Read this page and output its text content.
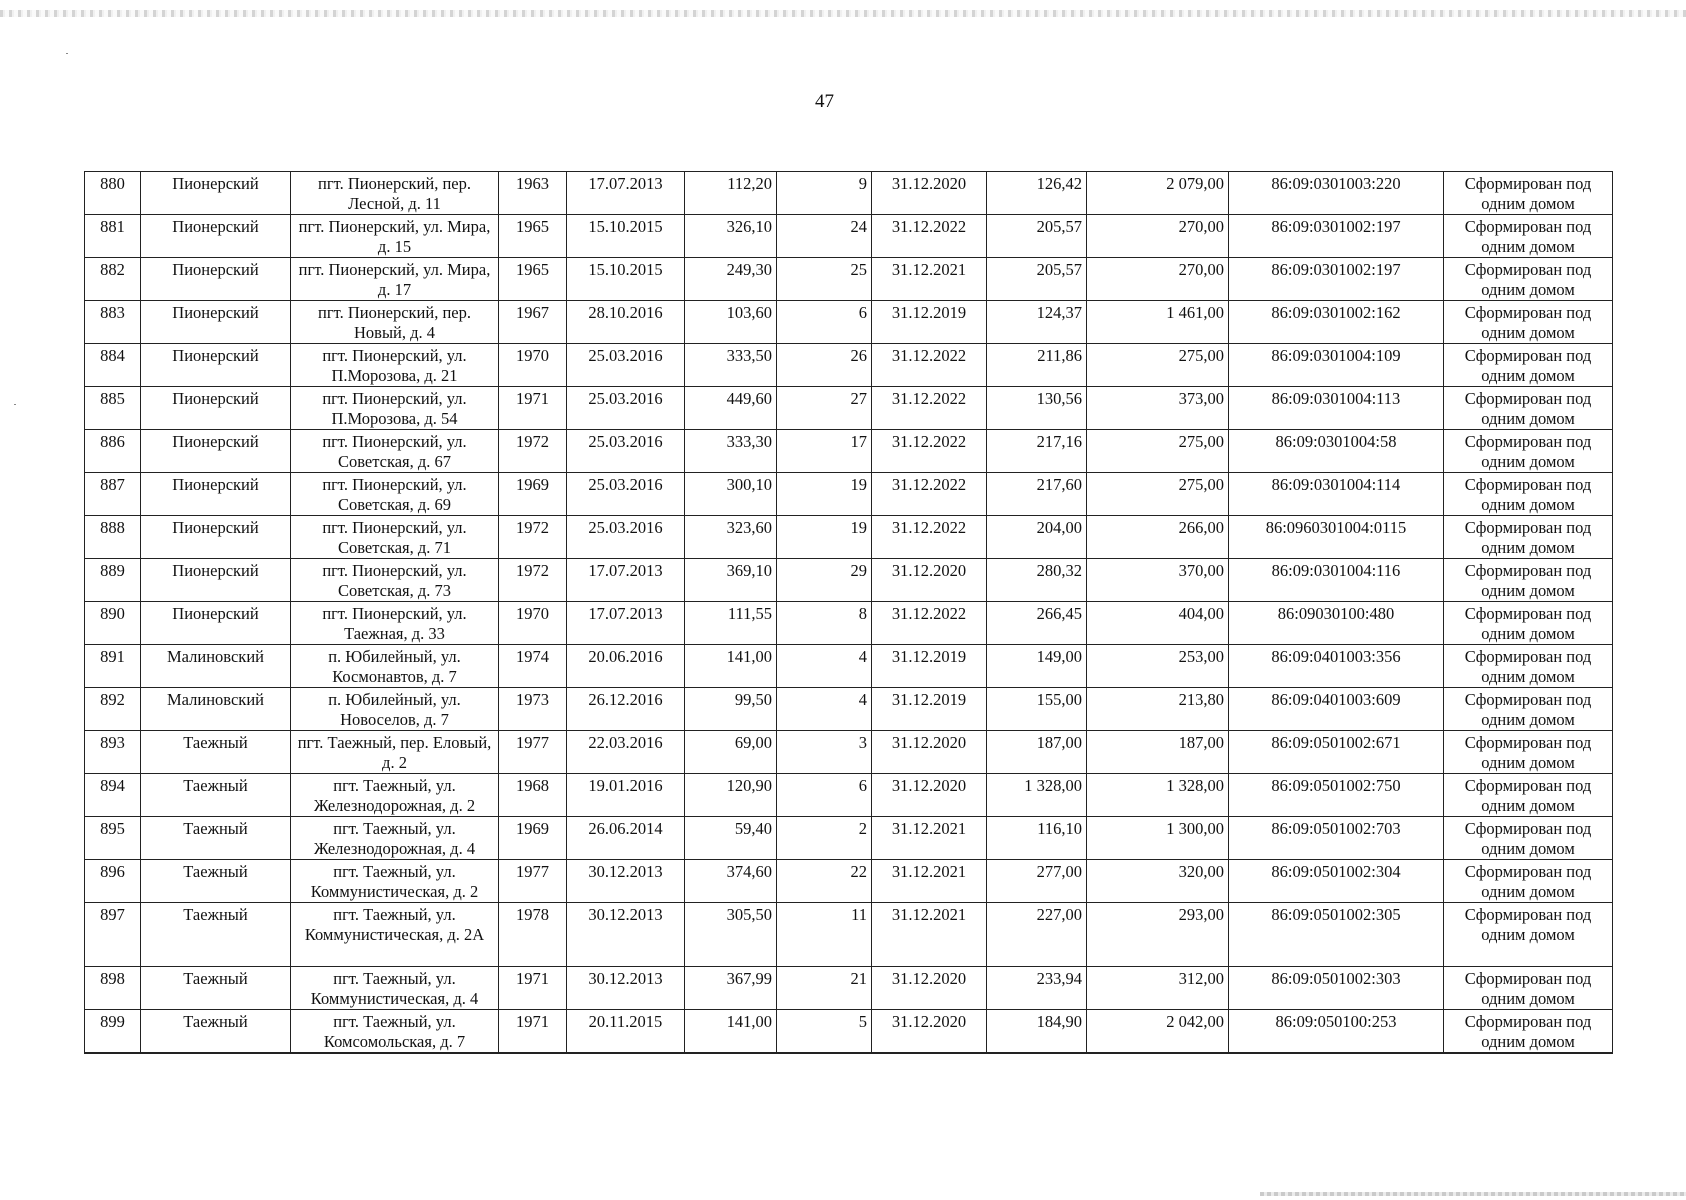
47
880	Пионерский	пгт. Пионерский, пер. Лесной, д. 11	1963	17.07.2013	112,20	9	31.12.2020	126,42	2 079,00	86:09:0301003:220	Сформирован под одним домом
881	Пионерский	пгт. Пионерский, ул. Мира, д. 15	1965	15.10.2015	326,10	24	31.12.2022	205,57	270,00	86:09:0301002:197	Сформирован под одним домом
882	Пионерский	пгт. Пионерский, ул. Мира, д. 17	1965	15.10.2015	249,30	25	31.12.2021	205,57	270,00	86:09:0301002:197	Сформирован под одним домом
883	Пионерский	пгт. Пионерский, пер. Новый, д. 4	1967	28.10.2016	103,60	6	31.12.2019	124,37	1 461,00	86:09:0301002:162	Сформирован под одним домом
884	Пионерский	пгт. Пионерский, ул. П.Морозова, д. 21	1970	25.03.2016	333,50	26	31.12.2022	211,86	275,00	86:09:0301004:109	Сформирован под одним домом
885	Пионерский	пгт. Пионерский, ул. П.Морозова, д. 54	1971	25.03.2016	449,60	27	31.12.2022	130,56	373,00	86:09:0301004:113	Сформирован под одним домом
886	Пионерский	пгт. Пионерский, ул. Советская, д. 67	1972	25.03.2016	333,30	17	31.12.2022	217,16	275,00	86:09:0301004:58	Сформирован под одним домом
887	Пионерский	пгт. Пионерский, ул. Советская, д. 69	1969	25.03.2016	300,10	19	31.12.2022	217,60	275,00	86:09:0301004:114	Сформирован под одним домом
888	Пионерский	пгт. Пионерский, ул. Советская, д. 71	1972	25.03.2016	323,60	19	31.12.2022	204,00	266,00	86:0960301004:0115	Сформирован под одним домом
889	Пионерский	пгт. Пионерский, ул. Советская, д. 73	1972	17.07.2013	369,10	29	31.12.2020	280,32	370,00	86:09:0301004:116	Сформирован под одним домом
890	Пионерский	пгт. Пионерский, ул. Таежная, д. 33	1970	17.07.2013	111,55	8	31.12.2022	266,45	404,00	86:09030100:480	Сформирован под одним домом
891	Малиновский	п. Юбилейный, ул. Космонавтов, д. 7	1974	20.06.2016	141,00	4	31.12.2019	149,00	253,00	86:09:0401003:356	Сформирован под одним домом
892	Малиновский	п. Юбилейный, ул. Новоселов, д. 7	1973	26.12.2016	99,50	4	31.12.2019	155,00	213,80	86:09:0401003:609	Сформирован под одним домом
893	Таежный	пгт. Таежный, пер. Еловый, д. 2	1977	22.03.2016	69,00	3	31.12.2020	187,00	187,00	86:09:0501002:671	Сформирован под одним домом
894	Таежный	пгт. Таежный, ул. Железнодорожная, д. 2	1968	19.01.2016	120,90	6	31.12.2020	1 328,00	1 328,00	86:09:0501002:750	Сформирован под одним домом
895	Таежный	пгт. Таежный, ул. Железнодорожная, д. 4	1969	26.06.2014	59,40	2	31.12.2021	116,10	1 300,00	86:09:0501002:703	Сформирован под одним домом
896	Таежный	пгт. Таежный, ул. Коммунистическая, д. 2	1977	30.12.2013	374,60	22	31.12.2021	277,00	320,00	86:09:0501002:304	Сформирован под одним домом
897	Таежный	пгт. Таежный, ул. Коммунистическая, д. 2А	1978	30.12.2013	305,50	11	31.12.2021	227,00	293,00	86:09:0501002:305	Сформирован под одним домом
898	Таежный	пгт. Таежный, ул. Коммунистическая, д. 4	1971	30.12.2013	367,99	21	31.12.2020	233,94	312,00	86:09:0501002:303	Сформирован под одним домом
899	Таежный	пгт. Таежный, ул. Комсомольская, д. 7	1971	20.11.2015	141,00	5	31.12.2020	184,90	2 042,00	86:09:050100:253	Сформирован под одним домом
